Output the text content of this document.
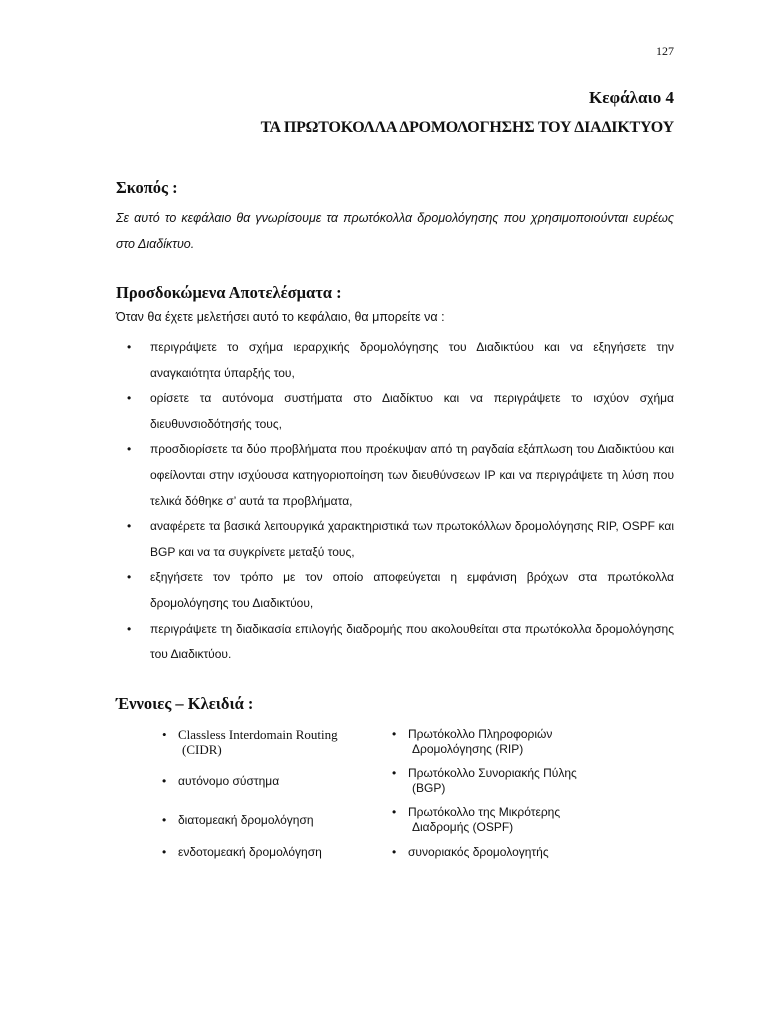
127
Κεφάλαιο 4
ΤΑ ΠΡΩΤΟΚΟΛΛΑ ΔΡΟΜΟΛΟΓΗΣΗΣ ΤΟΥ ΔΙΑΔΙΚΤΥΟΥ
Σκοπός :

Σε αυτό το κεφάλαιο θα γνωρίσουμε τα πρωτόκολλα δρομολόγησης που χρησιμοποιούνται ευρέως στο Διαδίκτυο.

Προσδοκώμενα Αποτελέσματα :
Όταν θα έχετε μελετήσει αυτό το κεφάλαιο, θα μπορείτε να :
• περιγράψετε το σχήμα ιεραρχικής δρομολόγησης του Διαδικτύου και να εξηγήσετε την αναγκαιότητα ύπαρξής του,
• ορίσετε τα αυτόνομα συστήματα στο Διαδίκτυο και να περιγράψετε το ισχύον σχήμα διευθυνσιοδότησής τους,
• προσδιορίσετε τα δύο προβλήματα που προέκυψαν από τη ραγδαία εξάπλωση του Διαδικτύου και οφείλονται στην ισχύουσα κατηγοριοποίηση των διευθύνσεων IP και να περιγράψετε τη λύση που τελικά δόθηκε σ’ αυτά τα προβλήματα,
• αναφέρετε τα βασικά λειτουργικά χαρακτηριστικά των πρωτοκόλλων δρομολόγησης RIP, OSPF και BGP και να τα συγκρίνετε μεταξύ τους,
• εξηγήσετε τον τρόπο με τον οποίο αποφεύγεται η εμφάνιση βρόχων στα πρωτόκολλα δρομολόγησης του Διαδικτύου,
• περιγράψετε τη διαδικασία επιλογής διαδρομής που ακολουθείται στα πρωτόκολλα δρομολόγησης του Διαδικτύου.
Έννοιες – Κλειδιά :
• Classless Interdomain Routing
(CIDR)
• Πρωτόκολλο Πληροφοριών
Δρομολόγησης (RIP)
• αυτόνομο σύστημα
• Πρωτόκολλο Συνοριακής Πύλης
(BGP)
• διατομεακή δρομολόγηση
• Πρωτόκολλο της Μικρότερης
Διαδρομής (OSPF)
• ενδοτομεακή δρομολόγηση	• συνοριακός δρομολογητής
